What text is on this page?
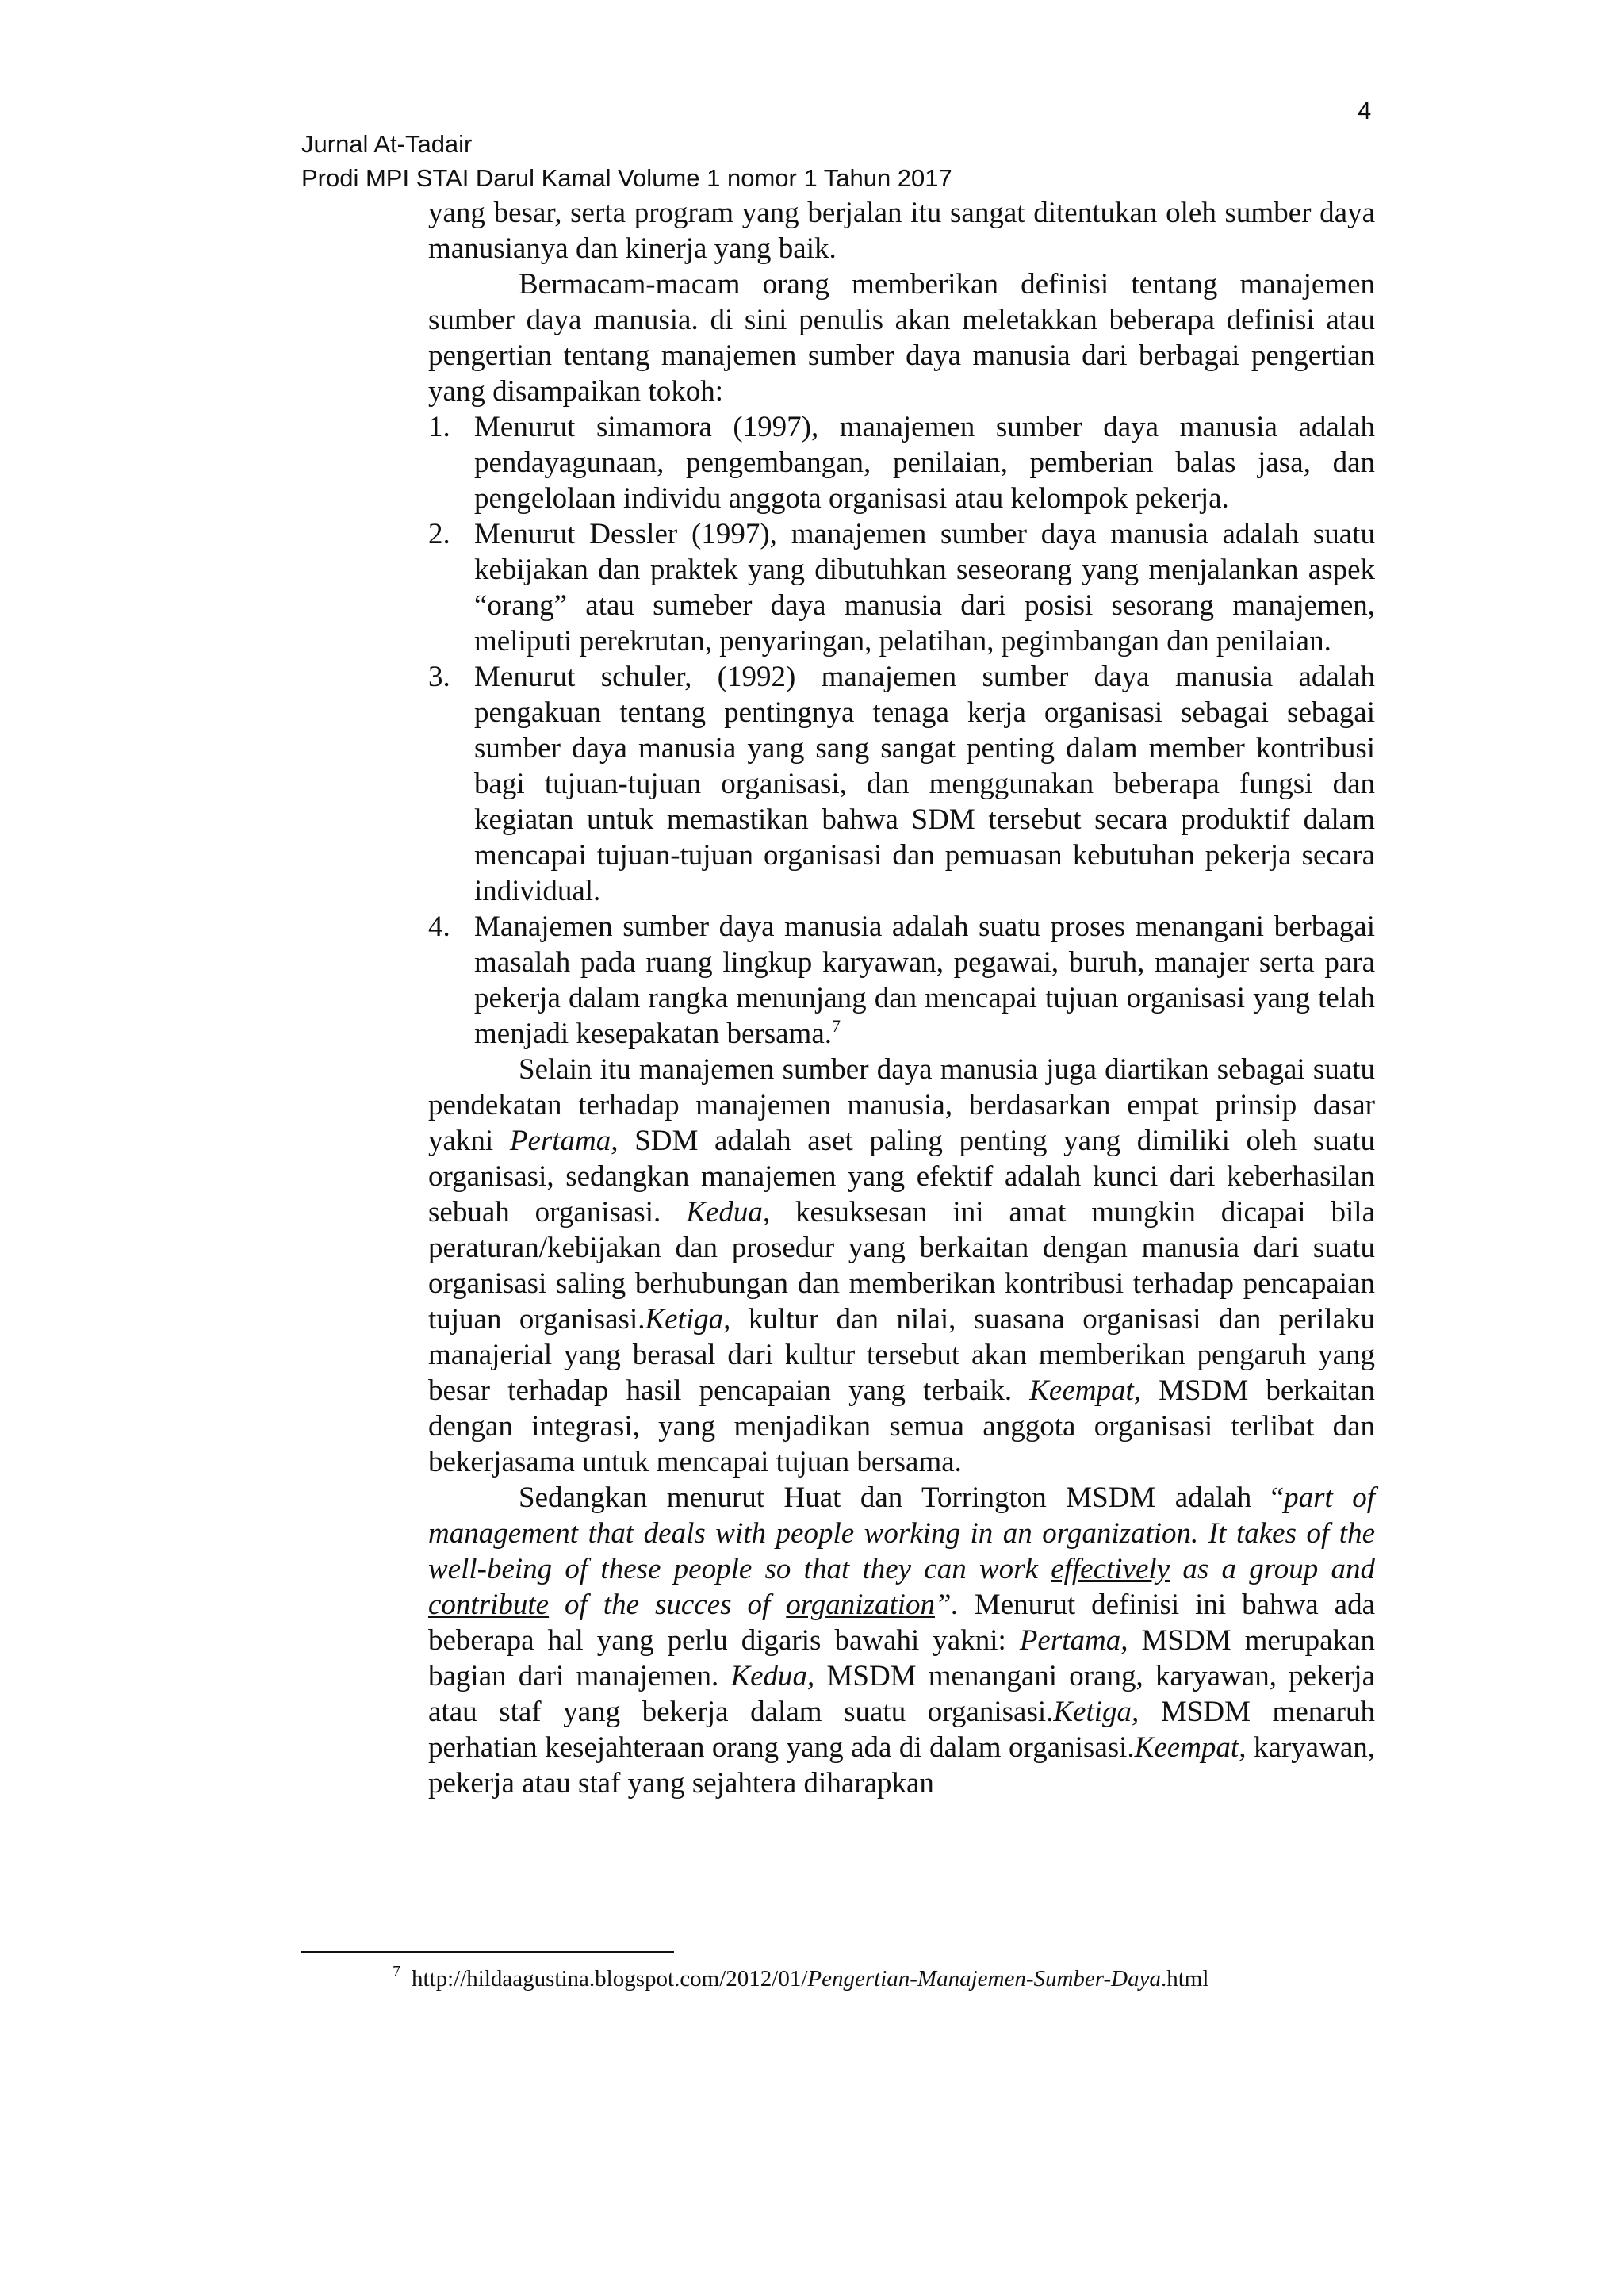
4
Jurnal At-Tadair
Prodi MPI STAI Darul Kamal Volume 1 nomor 1 Tahun 2017

yang besar, serta program yang berjalan itu sangat ditentukan oleh sumber daya manusianya dan kinerja yang baik.

Bermacam-macam orang memberikan definisi tentang manajemen sumber daya manusia. di sini penulis akan meletakkan beberapa definisi atau pengertian tentang manajemen sumber daya manusia dari berbagai pengertian yang disampaikan tokoh:

1. Menurut simamora (1997), manajemen sumber daya manusia adalah pendayagunaan, pengembangan, penilaian, pemberian balas jasa, dan pengelolaan individu anggota organisasi atau kelompok pekerja.
2. Menurut Dessler (1997), manajemen sumber daya manusia adalah suatu kebijakan dan praktek yang dibutuhkan seseorang yang menjalankan aspek “orang” atau sumeber daya manusia dari posisi sesorang manajemen, meliputi perekrutan, penyaringan, pelatihan, pegimbangan dan penilaian.
3. Menurut schuler, (1992) manajemen sumber daya manusia adalah pengakuan tentang pentingnya tenaga kerja organisasi sebagai sebagai sumber daya manusia yang sang sangat penting dalam member kontribusi bagi tujuan-tujuan organisasi, dan menggunakan beberapa fungsi dan kegiatan untuk memastikan bahwa SDM tersebut secara produktif dalam mencapai tujuan-tujuan organisasi dan pemuasan kebutuhan pekerja secara individual.
4. Manajemen sumber daya manusia adalah suatu proses menangani berbagai masalah pada ruang lingkup karyawan, pegawai, buruh, manajer serta para pekerja dalam rangka menunjang dan mencapai tujuan organisasi yang telah menjadi kesepakatan bersama.$^7$

Selain itu manajemen sumber daya manusia juga diartikan sebagai suatu pendekatan terhadap manajemen manusia, berdasarkan empat prinsip dasar yakni Pertama, SDM adalah aset paling penting yang dimiliki oleh suatu organisasi, sedangkan manajemen yang efektif adalah kunci dari keberhasilan sebuah organisasi. Kedua, kesuksesan ini amat mungkin dicapai bila peraturan/kebijakan dan prosedur yang berkaitan dengan manusia dari suatu organisasi saling berhubungan dan memberikan kontribusi terhadap pencapaian tujuan organisasi.Ketiga, kultur dan nilai, suasana organisasi dan perilaku manajerial yang berasal dari kultur tersebut akan memberikan pengaruh yang besar terhadap hasil pencapaian yang terbaik. Keempat, MSDM berkaitan dengan integrasi, yang menjadikan semua anggota organisasi terlibat dan bekerjasama untuk mencapai tujuan bersama.

Sedangkan menurut Huat dan Torrington MSDM adalah “part of management that deals with people working in an organization. It takes of the well-being of these people so that they can work effectively as a group and contribute of the succes of organization”. Menurut definisi ini bahwa ada beberapa hal yang perlu digaris bawahi yakni: Pertama, MSDM merupakan bagian dari manajemen. Kedua, MSDM menangani orang, karyawan, pekerja atau staf yang bekerja dalam suatu organisasi.Ketiga, MSDM menaruh perhatian kesejahteraan orang yang ada di dalam organisasi.Keempat, karyawan, pekerja atau staf yang sejahtera diharapkan

$^7$ http://hildaagustina.blogspot.com/2012/01/Pengertian-Manajemen-Sumber-Daya.html
